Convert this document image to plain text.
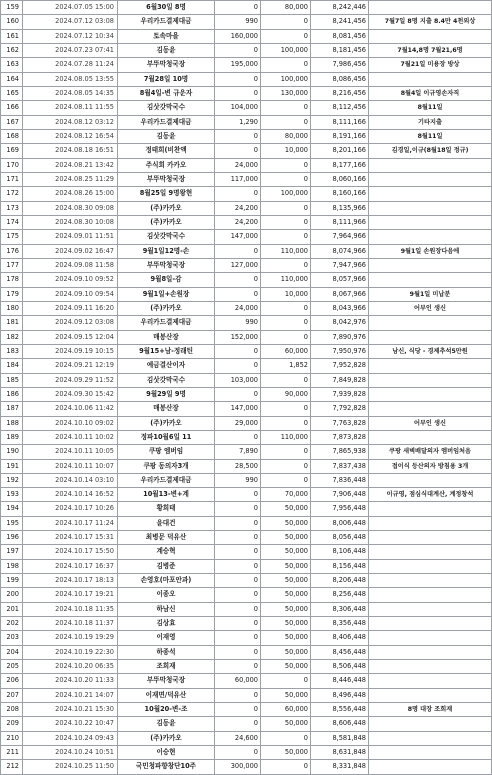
159	2024.07.05 15:00	6월30일 8명	0	80,000	8,242,446	
160	2024.07.12 03:08	우리카드결제대금	990	0	8,241,456	7월7일 8명 지출 8.4만 4천외상
161	2024.07.12 10:34	토속마을	160,000	0	8,081,456	
162	2024.07.23 07:41	김동윤	0	100,000	8,181,456	7월14,8명 7월21,6명
163	2024.07.28 11:24	부뚜막청국장	195,000	0	7,986,456	7월21일 미용장 방상
164	2024.08.05 13:55	7월28일 10명	0	100,000	8,086,456	
165	2024.08.05 14:35	8월4일-변 규운자	0	130,000	8,216,456	8월4일 이규영손자직
166	2024.08.11 11:55	김삿갓막국수	104,000	0	8,112,456	8월11일
167	2024.08.12 03:12	우리카드결제대금	1,290	0	8,111,166	기타지출
168	2024.08.12 16:54	김동윤	0	80,000	8,191,166	8월11일
169	2024.08.18 16:51	정태희(비찬액	0	10,000	8,201,166	김경일,이규(8월18일 정규)
170	2024.08.21 13:42	주식회 카카오	24,000	0	8,177,166	
171	2024.08.25 11:29	부뚜막청국장	117,000	0	8,060,166	
172	2024.08.26 15:00	8월25일 9명왕현	0	100,000	8,160,166	
173	2024.08.30 09:08	(주)카카오	24,200	0	8,135,966	
174	2024.08.30 10:08	(주)카카오	24,200	0	8,111,966	
175	2024.09.01 11:51	김삿갓막국수	147,000	0	7,964,966	
176	2024.09.02 16:47	9월1일12명-손	0	110,000	8,074,966	9월1일 손원장다음에
177	2024.09.08 11:58	부뚜막청국장	127,000	0	7,947,966	
178	2024.09.10 09:52	9월8일-감	0	110,000	8,057,966	
179	2024.09.10 09:54	9월1일+손원장	0	10,000	8,067,966	9월1일 미납분
180	2024.09.11 16:20	(주)카카오	24,000	0	8,043,966	어부인 생신
181	2024.09.12 03:08	우리카드결제대금	990	0	8,042,976	
182	2024.09.15 12:04	매봉산장	152,000	0	7,890,976	
183	2024.09.19 10:15	9월15+남-정래틴	0	60,000	7,950,976	남신, 식당 - 경제추석5만원
184	2024.09.21 12:19	예금결산이자	0	1,852	7,952,828	
185	2024.09.29 11:52	김삿갓막국수	103,000	0	7,849,828	
186	2024.09.30 15:42	9월29일 9명	0	90,000	7,939,828	
187	2024.10.06 11:42	매봉산장	147,000	0	7,792,828	
188	2024.10.10 09:02	(주)카카오	29,000	0	7,763,828	어부인 생신
189	2024.10.11 10:02	정파10월6일 11	0	110,000	7,873,828	
190	2024.10.11 10:05	쿠팡 엠버임	7,890	0	7,865,938	쿠팡 새벽배달의자 엠버임처음
191	2024.10.11 10:07	쿠팡 동의자3개	28,500	0	7,837,438	접이식 등산의자 방침용 3개
192	2024.10.14 03:10	우리카드결제대금	990	0	7,836,448	
193	2024.10.14 16:52	10월13-변+계	0	70,000	7,906,448	이규영, 점심식대계산, 계정창석
194	2024.10.17 10:26	황희태	0	50,000	7,956,448	
195	2024.10.17 11:24	윤대건	0	50,000	8,006,448	
196	2024.10.17 15:31	최병문 덕유산	0	50,000	8,056,448	
197	2024.10.17 15:50	계승혁	0	50,000	8,106,448	
198	2024.10.17 16:37	김병준	0	50,000	8,156,448	
199	2024.10.17 18:13	손영호(마포안과)	0	50,000	8,206,448	
200	2024.10.17 19:21	이종오	0	50,000	8,256,448	
201	2024.10.18 11:35	하남신	0	50,000	8,306,448	
202	2024.10.18 11:37	김상효	0	50,000	8,356,448	
203	2024.10.19 19:29	이재영	0	50,000	8,406,448	
204	2024.10.19 22:30	하종석	0	50,000	8,456,448	
205	2024.10.20 06:35	조희재	0	50,000	8,506,448	
206	2024.10.20 11:33	부뚜막청국장	60,000	0	8,446,448	
207	2024.10.21 14:07	이재면/덕유산	0	50,000	8,496,448	
208	2024.10.21 15:30	10월20-변-조	0	60,000	8,556,448	8명 대장 조희재
209	2024.10.22 10:47	김동윤	0	50,000	8,606,448	
210	2024.10.24 09:43	(주)카카오	24,600	0	8,581,848	
211	2024.10.24 10:51	이승현	0	50,000	8,631,848	
212	2024.10.25 11:50	국민청파향창단10주	300,000	0	8,331,848	
